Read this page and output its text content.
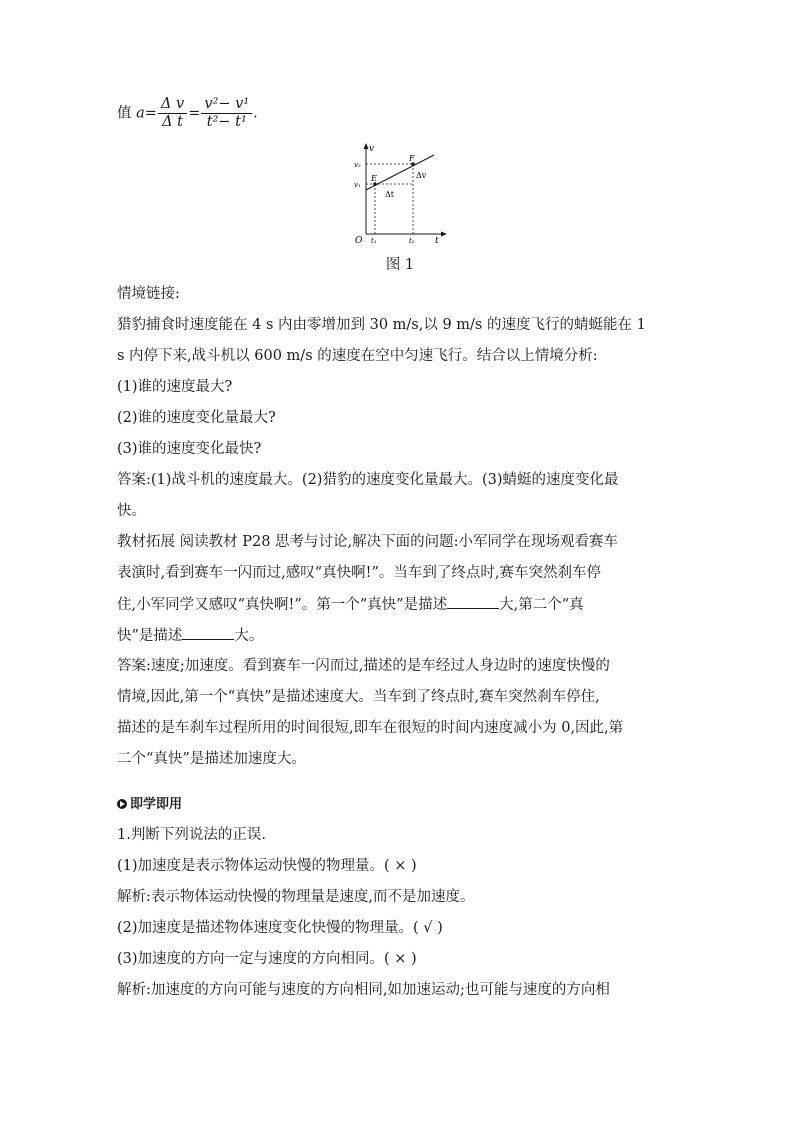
值 $a= \frac{\text{Δ v}}{\text{Δ t}} = \frac{\text{v²− v¹}}{\text{t²− t¹}}$ .
v
t
O
v₂
v₁
t₁	t₂
E
F
Δv
Δt
图 1
情境链接:
猎豹捕食时速度能在 4 s 内由零增加到 30 m/s,以 9 m/s 的速度飞行的蜻蜓能在 1
s 内停下来,战斗机以 600 m/s 的速度在空中匀速飞行。结合以上情境分析:
(1)谁的速度最大?
(2)谁的速度变化量最大?
(3)谁的速度变化最快?
答案:(1)战斗机的速度最大。(2)猎豹的速度变化量最大。(3)蜻蜓的速度变化最
快。
教材拓展 阅读教材 P28 思考与讨论,解决下面的问题:小军同学在现场观看赛车
表演时,看到赛车一闪而过,感叹“真快啊!”。当车到了终点时,赛车突然刹车停
住,小军同学又感叹“真快啊!”。第一个“真快”是描述	大,第二个“真
快”是描述	大。
答案:速度;加速度。看到赛车一闪而过,描述的是车经过人身边时的速度快慢的
情境,因此,第一个“真快”是描述速度大。当车到了终点时,赛车突然刹车停住,
描述的是车刹车过程所用的时间很短,即车在很短的时间内速度减小为 0,因此,第
二个“真快”是描述加速度大。
即学即用
1.判断下列说法的正误.
(1)加速度是表示物体运动快慢的物理量。( × )
解析:表示物体运动快慢的物理量是速度,而不是加速度。
(2)加速度是描述物体速度变化快慢的物理量。( √ )
(3)加速度的方向一定与速度的方向相同。( × )
解析:加速度的方向可能与速度的方向相同,如加速运动;也可能与速度的方向相
